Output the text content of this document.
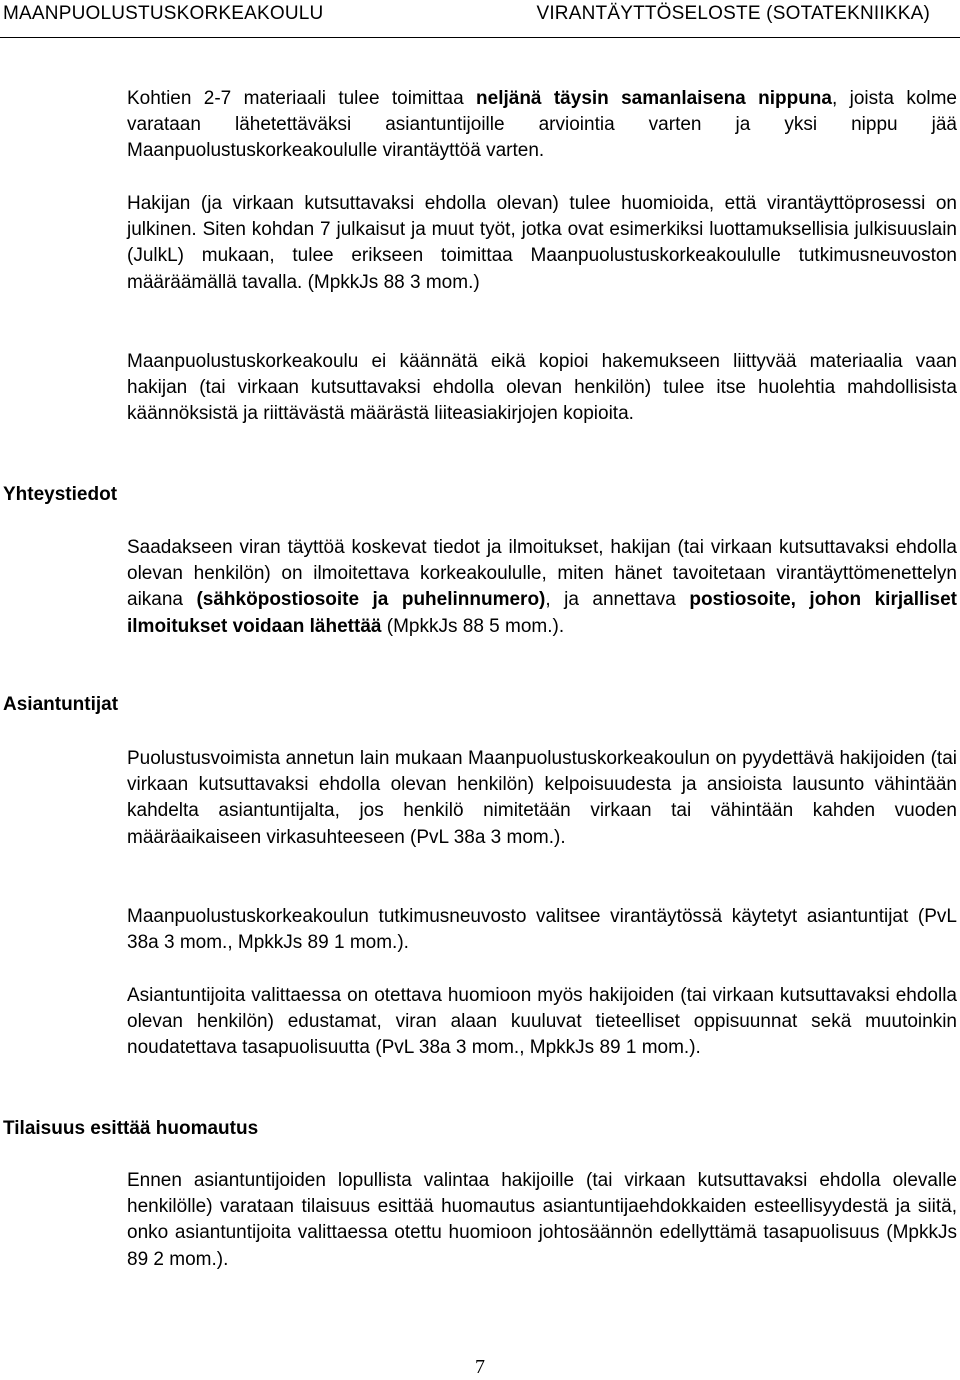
MAANPUOLUSTUSKORKEAKOULU	VIRANTÄYTTÖSELOSTE (SOTATEKNIIKKA)
Kohtien 2-7 materiaali tulee toimittaa neljänä täysin samanlaisena nippuna, joista kolme varataan lähetettäväksi asiantuntijoille arviointia varten ja yksi nippu jää Maanpuolustuskorkeakoululle virantäyttöä varten.
Hakijan (ja virkaan kutsuttavaksi ehdolla olevan) tulee huomioida, että virantäyttöprosessi on julkinen. Siten kohdan 7 julkaisut ja muut työt, jotka ovat esimerkiksi luottamuksellisia julkisuuslain (JulkL) mukaan, tulee erikseen toimittaa Maanpuolustuskorkeakoululle tutkimusneuvoston määräämällä tavalla. (MpkkJs 88 3 mom.)
Maanpuolustuskorkeakoulu ei käännätä eikä kopioi hakemukseen liittyvää materiaalia vaan hakijan (tai virkaan kutsuttavaksi ehdolla olevan henkilön) tulee itse huolehtia mahdollisista käännöksistä ja riittävästä määrästä liiteasiakirjojen kopioita.
Yhteystiedot
Saadakseen viran täyttöä koskevat tiedot ja ilmoitukset, hakijan (tai virkaan kutsuttavaksi ehdolla olevan henkilön) on ilmoitettava korkeakoululle, miten hänet tavoitetaan virantäyttömenettelyn aikana (sähköpostiosoite ja puhelinnumero), ja annettava postiosoite, johon kirjalliset ilmoitukset voidaan lähettää (MpkkJs 88 5 mom.).
Asiantuntijat
Puolustusvoimista annetun lain mukaan Maanpuolustuskorkeakoulun on pyydettävä hakijoiden (tai virkaan kutsuttavaksi ehdolla olevan henkilön) kelpoisuudesta ja ansioista lausunto vähintään kahdelta asiantuntijalta, jos henkilö nimitetään virkaan tai vähintään kahden vuoden määräaikaiseen virkasuhteeseen (PvL 38a 3 mom.).
Maanpuolustuskorkeakoulun tutkimusneuvosto valitsee virantäytössä käytetyt asiantuntijat (PvL 38a 3 mom., MpkkJs 89 1 mom.).
Asiantuntijoita valittaessa on otettava huomioon myös hakijoiden (tai virkaan kutsuttavaksi ehdolla olevan henkilön) edustamat, viran alaan kuuluvat tieteelliset oppisuunnat sekä muutoinkin noudatettava tasapuolisuutta (PvL 38a 3 mom., MpkkJs 89 1 mom.).
Tilaisuus esittää huomautus
Ennen asiantuntijoiden lopullista valintaa hakijoille (tai virkaan kutsuttavaksi ehdolla olevalle henkilölle) varataan tilaisuus esittää huomautus asiantuntijaehdokkaiden esteellisyydestä ja siitä, onko asiantuntijoita valittaessa otettu huomioon johtosäännön edellyttämä tasapuolisuus (MpkkJs 89 2 mom.).
7
